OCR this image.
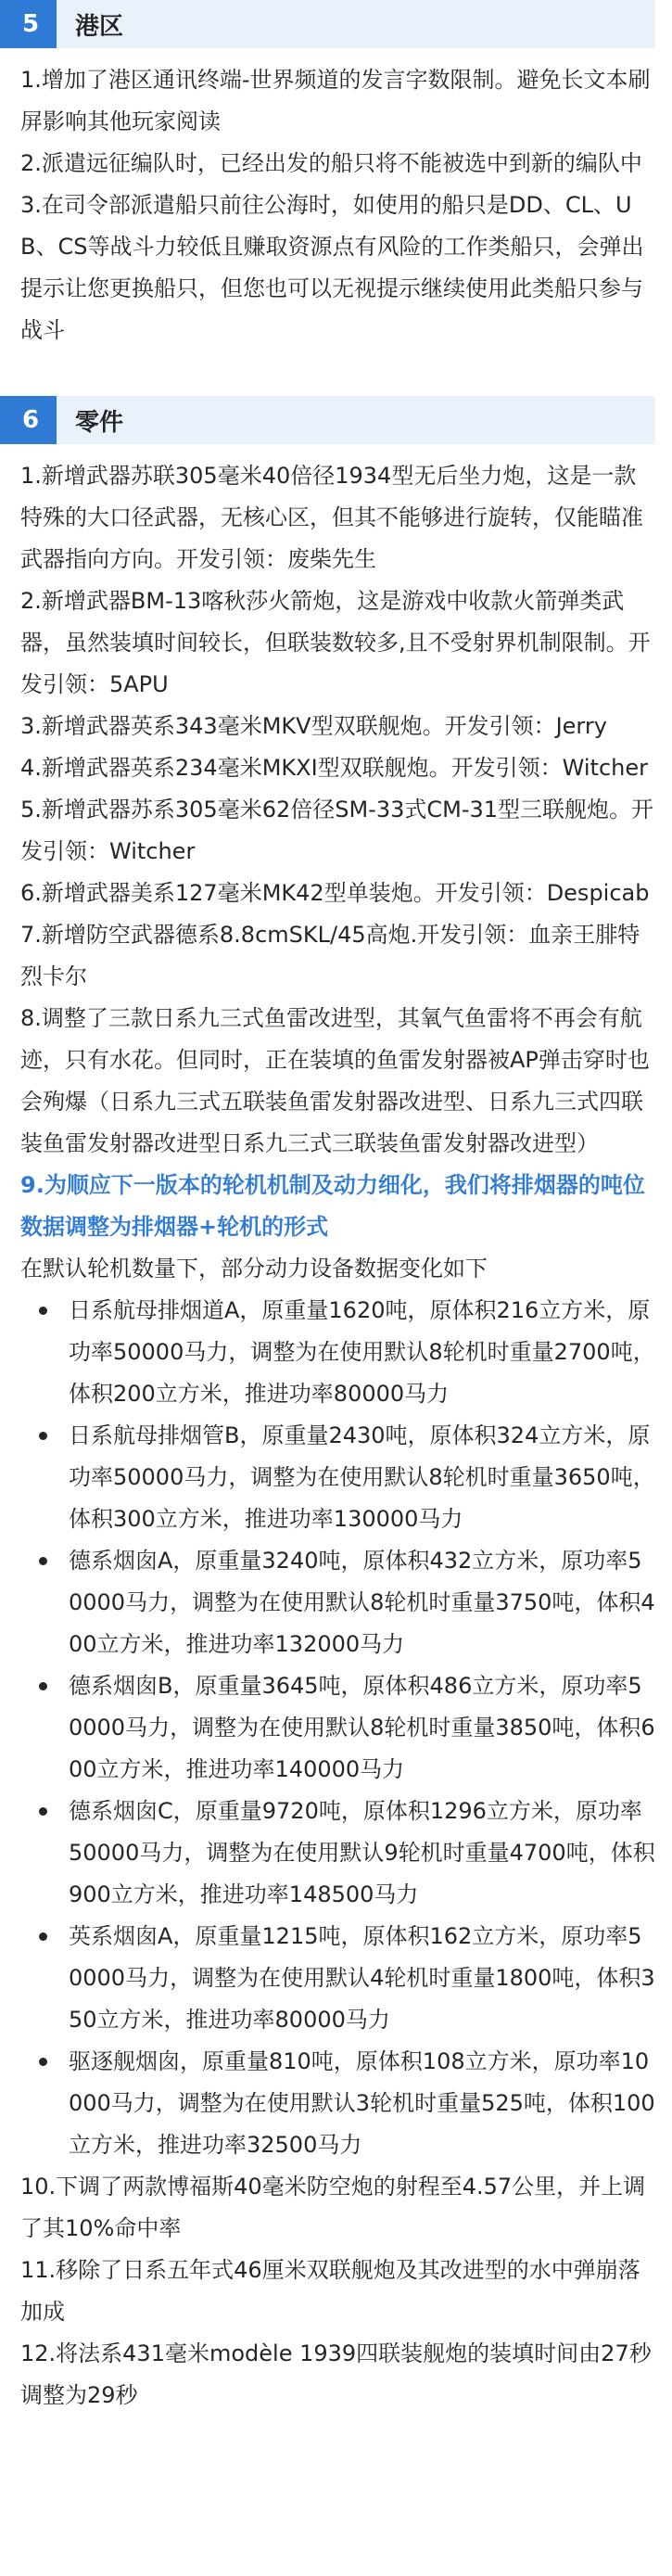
5	港区

1.增加了港区通讯终端-世界频道的发言字数限制。避免长文本刷屏影响其他玩家阅读

2.派遣远征编队时，已经出发的船只将不能被选中到新的编队中

3.在司令部派遣船只前往公海时，如使用的船只是DD、CL、UB、CS等战斗力较低且赚取资源点有风险的工作类船只，会弹出提示让您更换船只，但您也可以无视提示继续使用此类船只参与战斗

6	零件

1.新增武器苏联305毫米40倍径1934型无后坐力炮，这是一款特殊的大口径武器，无核心区，但其不能够进行旋转，仅能瞄准武器指向方向。开发引领：废柴先生

2.新增武器BM-13喀秋莎火箭炮，这是游戏中收款火箭弹类武器，虽然装填时间较长，但联装数较多,且不受射界机制限制。开发引领：5APU

3.新增武器英系343毫米MKV型双联舰炮。开发引领：Jerry

4.新增武器英系234毫米MKXI型双联舰炮。开发引领：Witcher

5.新增武器苏系305毫米62倍径SM-33式CM-31型三联舰炮。开发引领：Witcher

6.新增武器美系127毫米MK42型单装炮。开发引领：Despicab

7.新增防空武器德系8.8cmSKL/45高炮.开发引领：血亲王腓特烈卡尔

8.调整了三款日系九三式鱼雷改进型，其氧气鱼雷将不再会有航迹，只有水花。但同时，正在装填的鱼雷发射器被AP弹击穿时也会殉爆（日系九三式五联装鱼雷发射器改进型、日系九三式四联装鱼雷发射器改进型日系九三式三联装鱼雷发射器改进型）

9.为顺应下一版本的轮机机制及动力细化，我们将排烟器的吨位数据调整为排烟器+轮机的形式

在默认轮机数量下，部分动力设备数据变化如下

日系航母排烟道A，原重量1620吨，原体积216立方米，原功率50000马力，调整为在使用默认8轮机时重量2700吨，体积200立方米，推进功率80000马力
日系航母排烟管B，原重量2430吨，原体积324立方米，原功率50000马力，调整为在使用默认8轮机时重量3650吨，体积300立方米，推进功率130000马力
德系烟囱A，原重量3240吨，原体积432立方米，原功率50000马力，调整为在使用默认8轮机时重量3750吨，体积400立方米，推进功率132000马力
德系烟囱B，原重量3645吨，原体积486立方米，原功率50000马力，调整为在使用默认8轮机时重量3850吨，体积600立方米，推进功率140000马力
德系烟囱C，原重量9720吨，原体积1296立方米，原功率50000马力，调整为在使用默认9轮机时重量4700吨，体积900立方米，推进功率148500马力
英系烟囱A，原重量1215吨，原体积162立方米，原功率50000马力，调整为在使用默认4轮机时重量1800吨，体积350立方米，推进功率80000马力
驱逐舰烟囱，原重量810吨，原体积108立方米，原功率10000马力，调整为在使用默认3轮机时重量525吨，体积100立方米，推进功率32500马力

10.下调了两款博福斯40毫米防空炮的射程至4.57公里，并上调了其10%命中率

11.移除了日系五年式46厘米双联舰炮及其改进型的水中弹崩落加成

12.将法系431毫米modèle 1939四联装舰炮的装填时间由27秒调整为29秒
